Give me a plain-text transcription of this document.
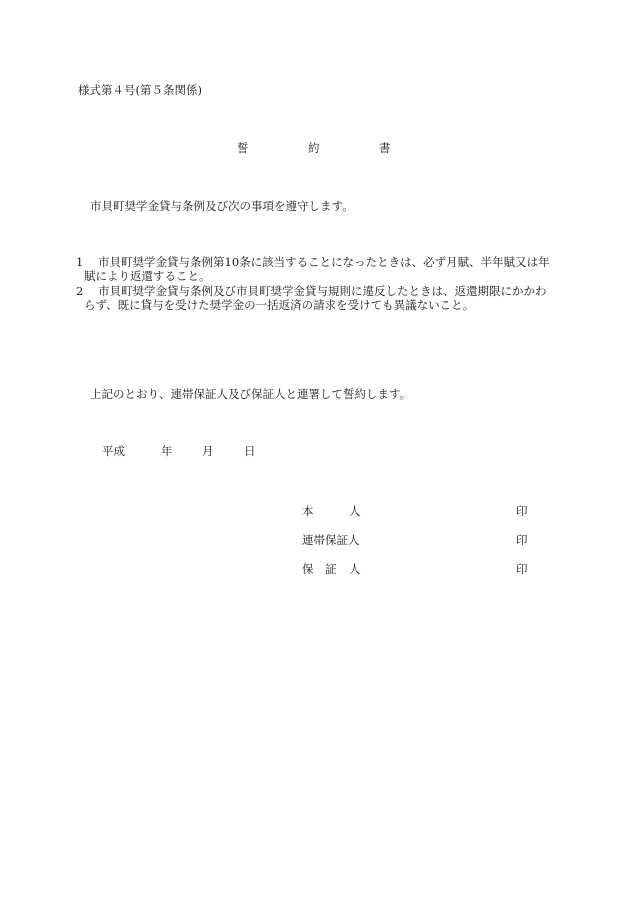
様式第４号(第５条関係)
誓	約	書
市貝町奨学金貸与条例及び次の事項を遵守します。
1 市貝町奨学金貸与条例第10条に該当することになったときは、必ず月賦、半年賦又は年
賦により返還すること。
2 市貝町奨学金貸与条例及び市貝町奨学金貸与規則に違反したときは、返還期限にかかわ
らず、既に貸与を受けた奨学金の一括返済の請求を受けても異議ないこと。
上記のとおり、連帯保証人及び保証人と連署して誓約します。
平成	年	月	日
本	人	印
連帯保証人	印
保 証 人	印
